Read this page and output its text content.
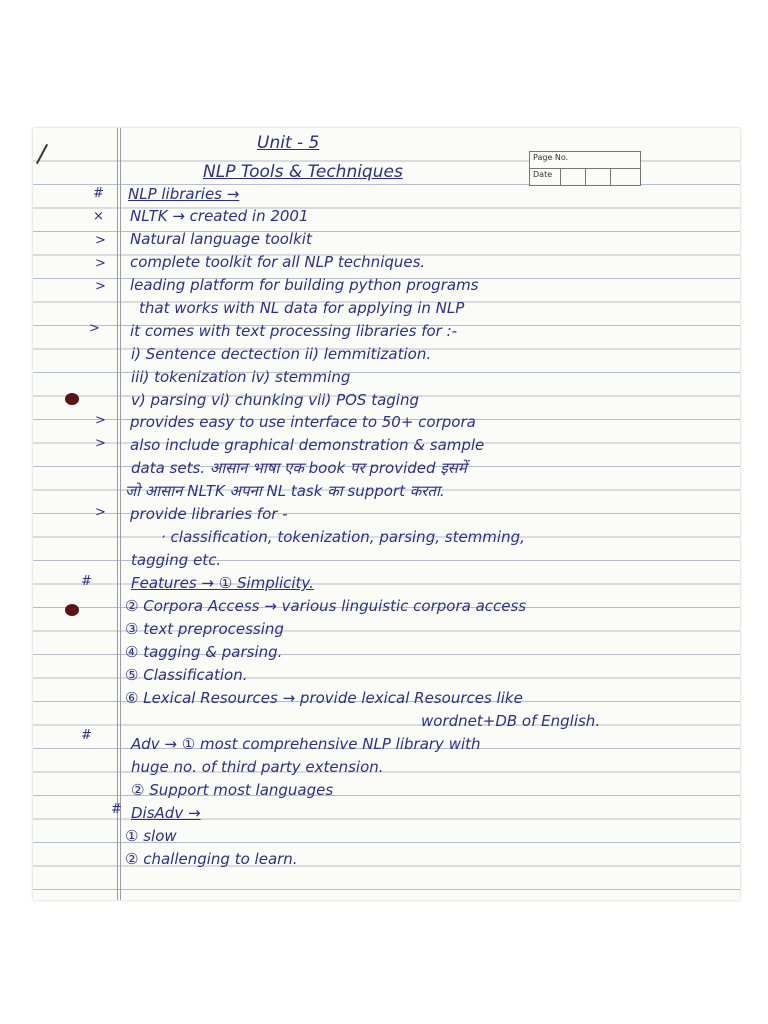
Page No.
Date

Unit - 5

NLP Tools & Techniques

# NLP libraries →

× NLTK → created in 2001

> Natural language toolkit

> complete toolkit for all NLP techniques.

> leading platform for building python programs

that works with NL data for applying in NLP

> it comes with text processing libraries for :-

i) Sentence dectection ii) lemmitization.

iii) tokenization iv) stemming

v) parsing vi) chunking vii) POS taging

> provides easy to use interface to 50+ corpora

> also include graphical demonstration & sample

data sets. आसान भाषा एक book पर provided इसमें

जो आसान NLTK अपना NL task का support करता.

> provide libraries for -

· classification, tokenization, parsing, stemming,

tagging etc.

#	Features → ① Simplicity.

② Corpora Access → various linguistic corpora access

③ text preprocessing

④ tagging & parsing.

⑤ Classification.

⑥ Lexical Resources → provide lexical Resources like

wordnet+DB of English.

#	Adv → ① most comprehensive NLP library with

huge no. of third party extension.

② Support most languages

# DisAdv →

① slow

② challenging to learn.
